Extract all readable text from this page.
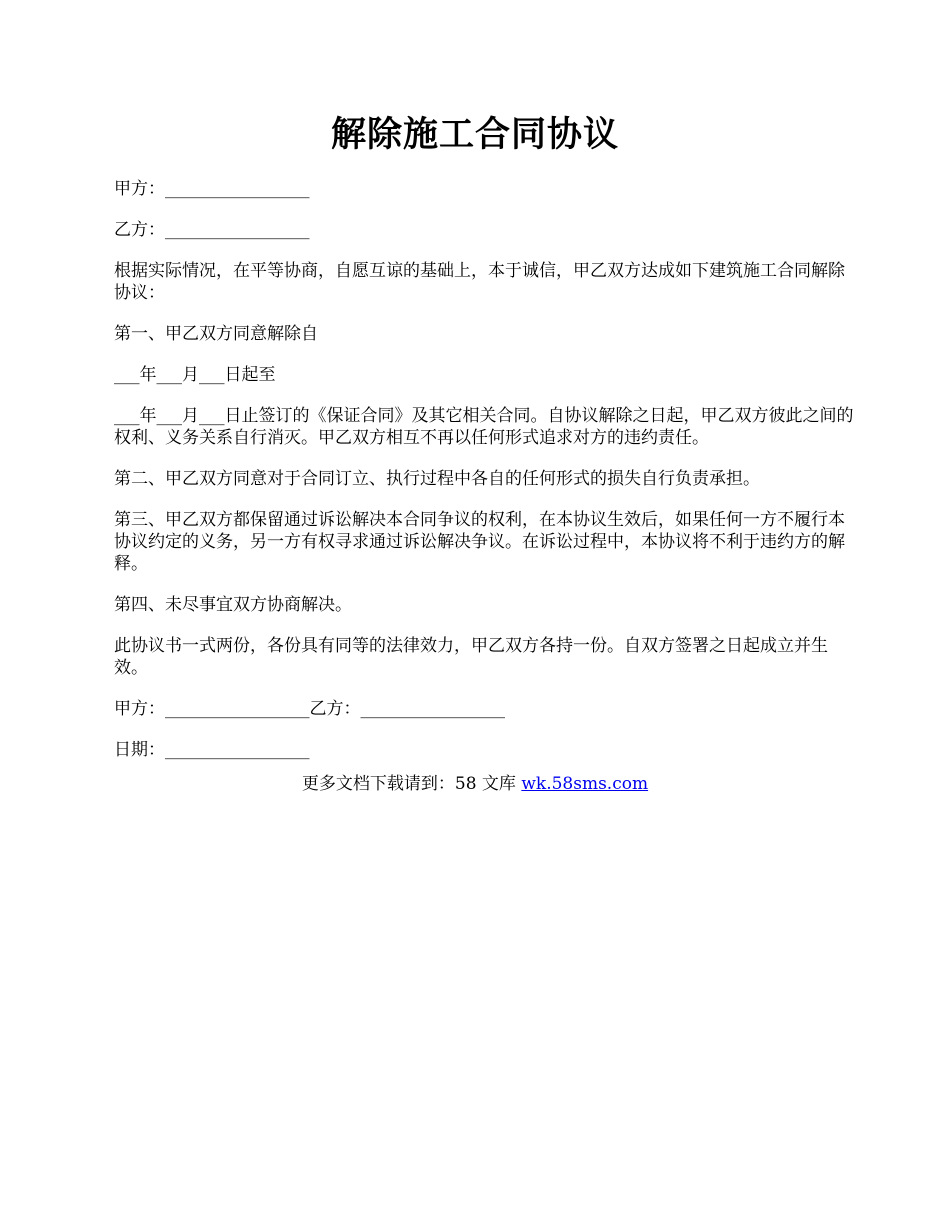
解除施工合同协议

甲方：_________________

乙方：_________________

根据实际情况，在平等协商，自愿互谅的基础上，本于诚信，甲乙双方达成如下建筑施工合同解除协议：

第一、甲乙双方同意解除自

___年___月___日起至

___年___月___日止签订的《保证合同》及其它相关合同。自协议解除之日起，甲乙双方彼此之间的权利、义务关系自行消灭。甲乙双方相互不再以任何形式追求对方的违约责任。

第二、甲乙双方同意对于合同订立、执行过程中各自的任何形式的损失自行负责承担。

第三、甲乙双方都保留通过诉讼解决本合同争议的权利，在本协议生效后，如果任何一方不履行本协议约定的义务，另一方有权寻求通过诉讼解决争议。在诉讼过程中，本协议将不利于违约方的解释。

第四、未尽事宜双方协商解决。

此协议书一式两份，各份具有同等的法律效力，甲乙双方各持一份。自双方签署之日起成立并生效。

甲方：_________________乙方：_________________

日期：_________________

更多文档下载请到：58 文库 wk.58sms.com
